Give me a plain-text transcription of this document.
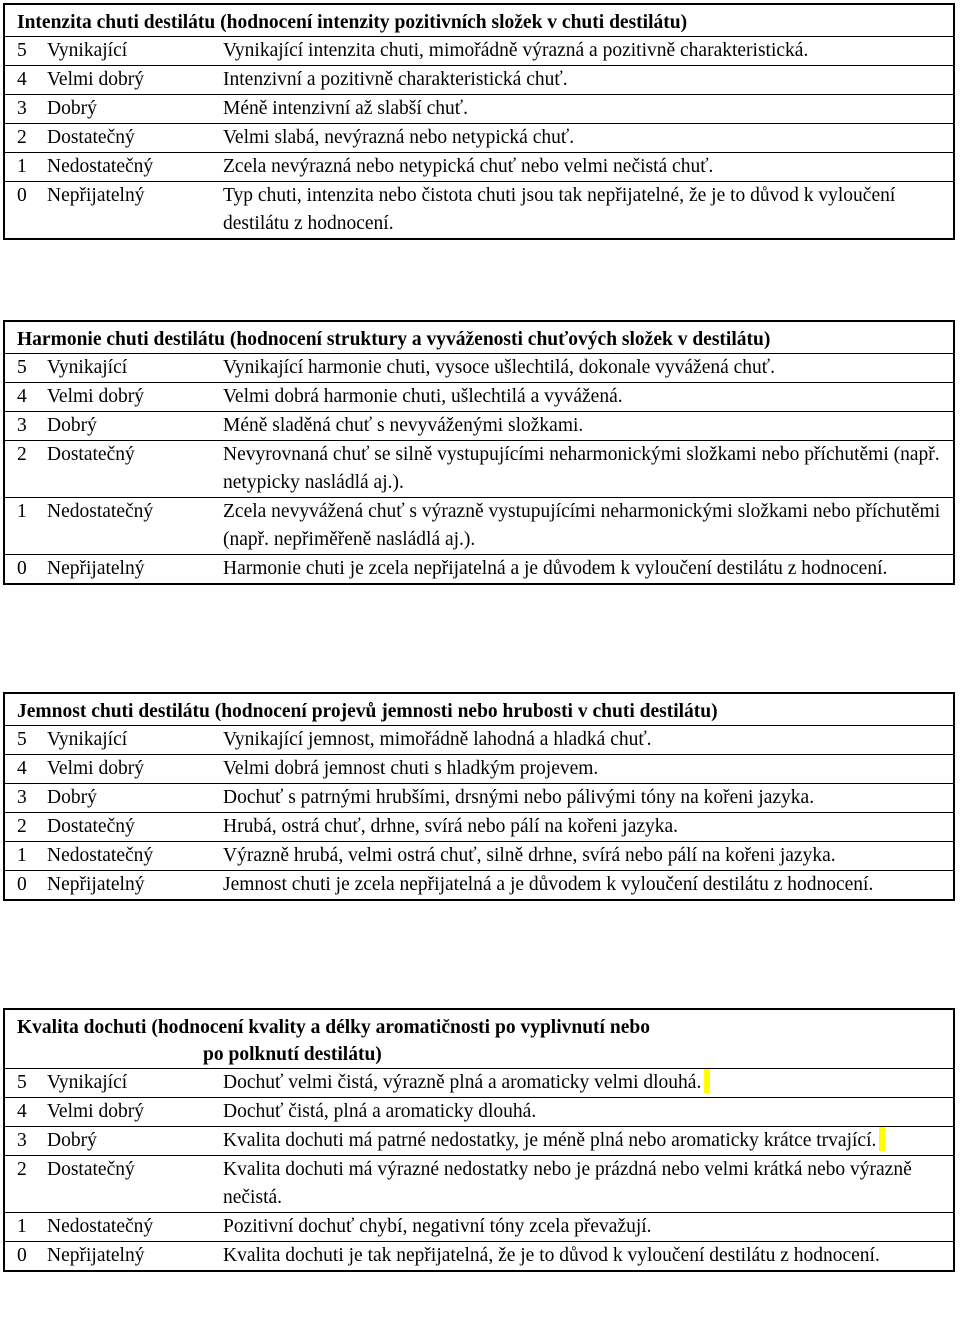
Intenzita chuti destilátu (hodnocení intenzity pozitivních složek v chuti destilátu)
5	Vynikající	Vynikající intenzita chuti, mimořádně výrazná a pozitivně charakteristická.
4	Velmi dobrý	Intenzivní a pozitivně charakteristická chuť.
3	Dobrý	Méně intenzivní až slabší chuť.
2	Dostatečný	Velmi slabá, nevýrazná nebo netypická chuť.
1	Nedostatečný	Zcela nevýrazná nebo netypická chuť nebo velmi nečistá chuť.
0	Nepřijatelný	Typ chuti, intenzita nebo čistota chuti jsou tak nepřijatelné, že je to důvod k vyloučení destilátu z hodnocení.
Harmonie chuti destilátu (hodnocení struktury a vyváženosti chuťových složek v destilátu)
5	Vynikající	Vynikající harmonie chuti, vysoce ušlechtilá, dokonale vyvážená chuť.
4	Velmi dobrý	Velmi dobrá harmonie chuti, ušlechtilá a vyvážená.
3	Dobrý	Méně sladěná chuť s nevyváženými složkami.
2	Dostatečný	Nevyrovnaná chuť se silně vystupujícími neharmonickými složkami nebo příchutěmi (např. netypicky nasládlá aj.).
1	Nedostatečný	Zcela nevyvážená chuť s výrazně vystupujícími neharmonickými složkami nebo příchutěmi (např. nepřiměřeně nasládlá aj.).
0	Nepřijatelný	Harmonie chuti je zcela nepřijatelná a je důvodem k vyloučení destilátu z hodnocení.
Jemnost chuti destilátu (hodnocení projevů jemnosti nebo hrubosti v chuti destilátu)
5	Vynikající	Vynikající jemnost, mimořádně lahodná a hladká chuť.
4	Velmi dobrý	Velmi dobrá jemnost chuti s hladkým projevem.
3	Dobrý	Dochuť s patrnými hrubšími, drsnými nebo pálivými tóny na kořeni jazyka.
2	Dostatečný	Hrubá, ostrá chuť, drhne, svírá nebo pálí na kořeni jazyka.
1	Nedostatečný	Výrazně hrubá, velmi ostrá chuť, silně drhne, svírá nebo pálí na kořeni jazyka.
0	Nepřijatelný	Jemnost chuti je zcela nepřijatelná a je důvodem k vyloučení destilátu z hodnocení.
Kvalita dochuti (hodnocení kvality a délky aromatičnosti po vyplivnutí nebo
po polknutí destilátu)
5	Vynikající	Dochuť velmi čistá, výrazně plná a aromaticky velmi dlouhá.
4	Velmi dobrý	Dochuť čistá, plná a aromaticky dlouhá.
3	Dobrý	Kvalita dochuti má patrné nedostatky, je méně plná nebo aromaticky krátce trvající.
2	Dostatečný	Kvalita dochuti má výrazné nedostatky nebo je prázdná nebo velmi krátká nebo výrazně nečistá.
1	Nedostatečný	Pozitivní dochuť chybí, negativní tóny zcela převažují.
0	Nepřijatelný	Kvalita dochuti je tak nepřijatelná, že je to důvod k vyloučení destilátu z hodnocení.
